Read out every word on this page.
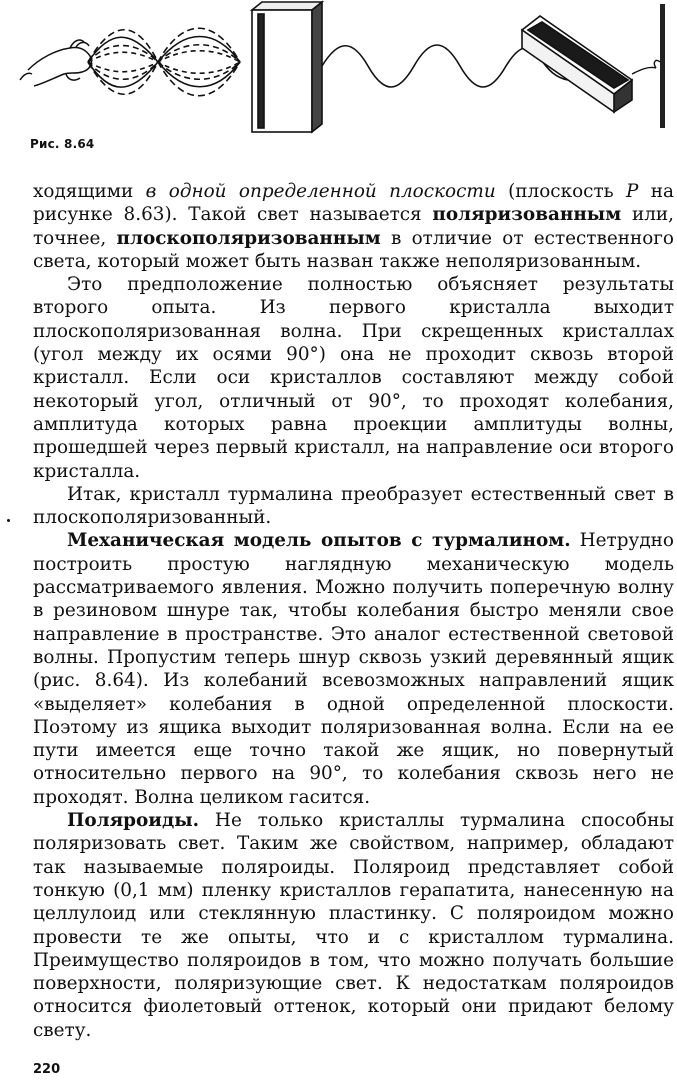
Рис. 8.64

ходящими в одной определенной плоскости (плоскость P на рисунке 8.63). Такой свет называется поляризованным или, точнее, плоскополяризованным в отличие от естественного света, который может быть назван также неполяризованным.

Это предположение полностью объясняет результаты второго опыта. Из первого кристалла выходит плоскополяризованная волна. При скрещенных кристаллах (угол между их осями 90°) она не проходит сквозь второй кристалл. Если оси кристаллов составляют между собой некоторый угол, отличный от 90°, то проходят колебания, амплитуда которых равна проекции амплитуды волны, прошедшей через первый кристалл, на направление оси второго кристалла.

Итак, кристалл турмалина преобразует естественный свет в плоскополяризованный.

Механическая модель опытов с турмалином. Нетрудно построить простую наглядную механическую модель рассматриваемого явления. Можно получить поперечную волну в резиновом шнуре так, чтобы колебания быстро меняли свое направление в пространстве. Это аналог естественной световой волны. Пропустим теперь шнур сквозь узкий деревянный ящик (рис. 8.64). Из колебаний всевозможных направлений ящик «выделяет» колебания в одной определенной плоскости. Поэтому из ящика выходит поляризованная волна. Если на ее пути имеется еще точно такой же ящик, но повернутый относительно первого на 90°, то колебания сквозь него не проходят. Волна целиком гасится.

Поляроиды. Не только кристаллы турмалина способны поляризовать свет. Таким же свойством, например, обладают так называемые поляроиды. Поляроид представляет собой тонкую (0,1 мм) пленку кристаллов герапатита, нанесенную на целлулоид или стеклянную пластинку. С поляроидом можно провести те же опыты, что и с кристаллом турмалина. Преимущество поляроидов в том, что можно получать большие поверхности, поляризующие свет. К недостаткам поляроидов относится фиолетовый оттенок, который они придают белому свету.

220
